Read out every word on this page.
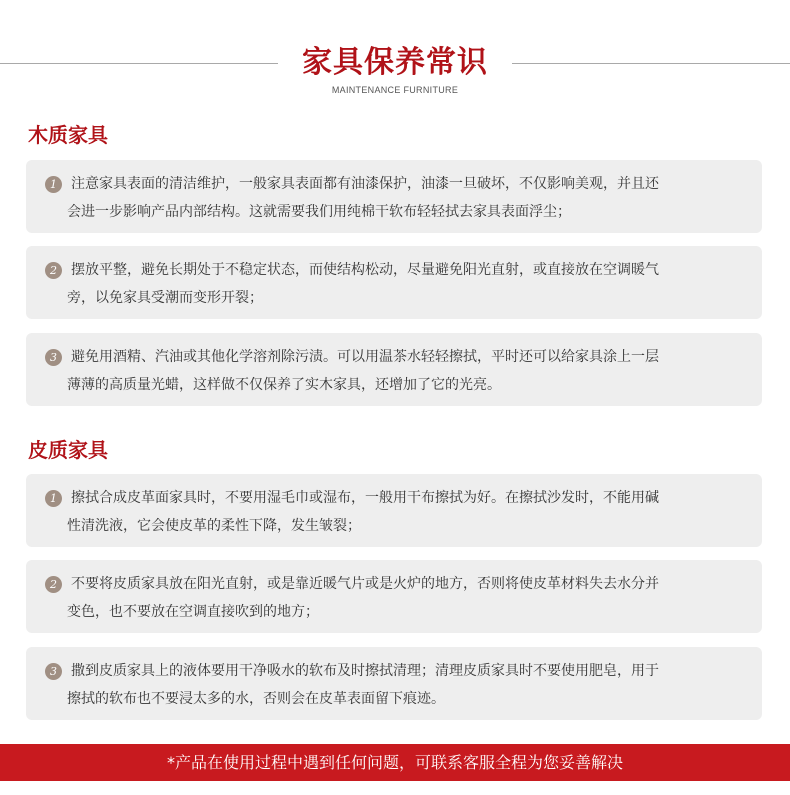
家具保养常识
MAINTENANCE FURNITURE
木质家具
1	注意家具表面的清洁维护，一般家具表面都有油漆保护，油漆一旦破坏，不仅影响美观，并且还
会进一步影响产品内部结构。这就需要我们用纯棉干软布轻轻拭去家具表面浮尘；
2	摆放平整，避免长期处于不稳定状态，而使结构松动，尽量避免阳光直射，或直接放在空调暖气
旁，以免家具受潮而变形开裂；
3	避免用酒精、汽油或其他化学溶剂除污渍。可以用温茶水轻轻擦拭，平时还可以给家具涂上一层
薄薄的高质量光蜡，这样做不仅保养了实木家具，还增加了它的光亮。
皮质家具
1	擦拭合成皮革面家具时，不要用湿毛巾或湿布，一般用干布擦拭为好。在擦拭沙发时，不能用碱
性清洗液，它会使皮革的柔性下降，发生皱裂；
2	不要将皮质家具放在阳光直射，或是靠近暖气片或是火炉的地方，否则将使皮革材料失去水分并
变色，也不要放在空调直接吹到的地方；
3	撒到皮质家具上的液体要用干净吸水的软布及时擦拭清理；清理皮质家具时不要使用肥皂，用于
擦拭的软布也不要浸太多的水，否则会在皮革表面留下痕迹。
*产品在使用过程中遇到任何问题，可联系客服全程为您妥善解决
